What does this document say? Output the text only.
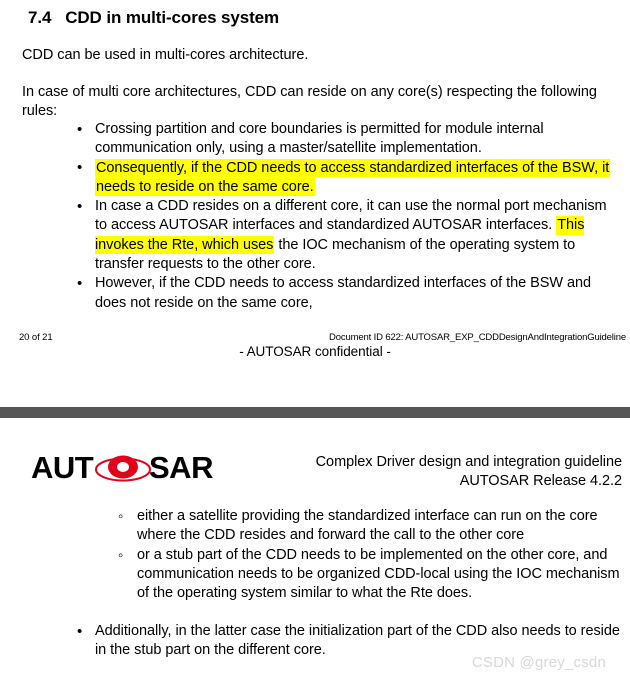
7.4   CDD in multi-cores system
CDD can be used in multi-cores architecture.
In case of multi core architectures, CDD can reside on any core(s) respecting the following rules:
• Crossing partition and core boundaries is permitted for module internal communication only, using a master/satellite implementation.
• Consequently, if the CDD needs to access standardized interfaces of the BSW, it needs to reside on the same core.
• In case a CDD resides on a different core, it can use the normal port mechanism to access AUTOSAR interfaces and standardized AUTOSAR interfaces. This invokes the Rte, which uses the IOC mechanism of the operating system to transfer requests to the other core.
• However, if the CDD needs to access standardized interfaces of the BSW and does not reside on the same core,
20 of 21	Document ID 622: AUTOSAR_EXP_CDDDesignAndIntegrationGuideline
- AUTOSAR confidential -
AUT SAR	Complex Driver design and integration guideline
AUTOSAR Release 4.2.2
◦ either a satellite providing the standardized interface can run on the core where the CDD resides and forward the call to the other core
◦ or a stub part of the CDD needs to be implemented on the other core, and communication needs to be organized CDD-local using the IOC mechanism of the operating system similar to what the Rte does.
• Additionally, in the latter case the initialization part of the CDD also needs to reside in the stub part on the different core.
CSDN @grey_csdn
